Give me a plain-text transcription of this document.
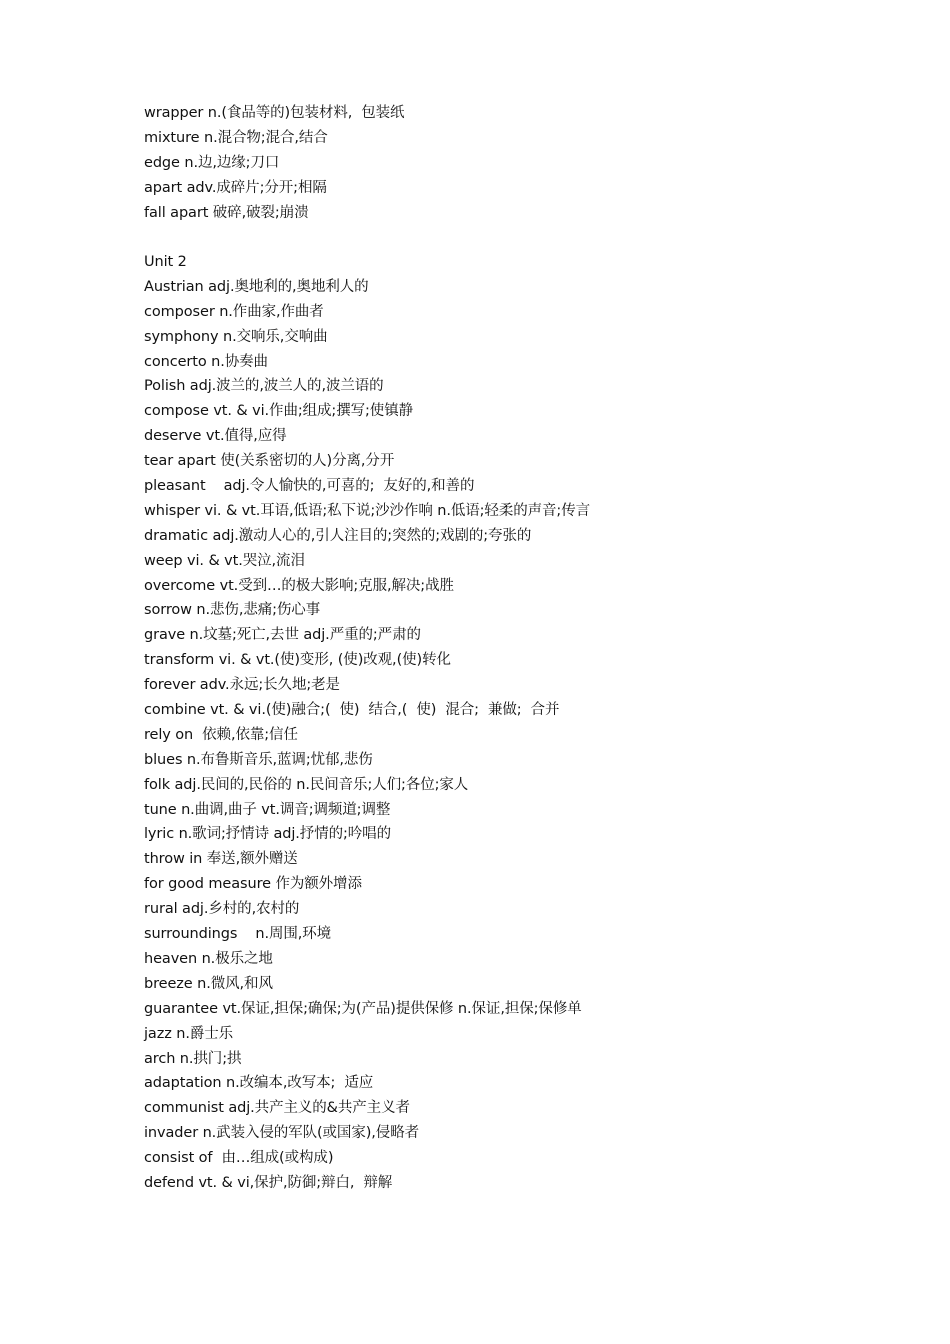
wrapper n.(食品等的)包装材料,  包装纸
mixture n.混合物;混合,结合
edge n.边,边缘;刀口
apart adv.成碎片;分开;相隔
fall apart 破碎,破裂;崩溃
Unit 2
Austrian adj.奥地利的,奥地利人的
composer n.作曲家,作曲者
symphony n.交响乐,交响曲
concerto n.协奏曲
Polish adj.波兰的,波兰人的,波兰语的
compose vt. & vi.作曲;组成;撰写;使镇静
deserve vt.值得,应得
tear apart 使(关系密切的人)分离,分开
pleasant    adj.令人愉快的,可喜的;  友好的,和善的
whisper vi. & vt.耳语,低语;私下说;沙沙作响 n.低语;轻柔的声音;传言
dramatic adj.激动人心的,引人注目的;突然的;戏剧的;夸张的
weep vi. & vt.哭泣,流泪
overcome vt.受到…的极大影响;克服,解决;战胜
sorrow n.悲伤,悲痛;伤心事
grave n.坟墓;死亡,去世 adj.严重的;严肃的
transform vi. & vt.(使)变形, (使)改观,(使)转化
forever adv.永远;长久地;老是
combine vt. & vi.(使)融合;(  使)  结合,(  使)  混合;  兼做;  合并
rely on  依赖,依靠;信任
blues n.布鲁斯音乐,蓝调;忧郁,悲伤
folk adj.民间的,民俗的 n.民间音乐;人们;各位;家人
tune n.曲调,曲子 vt.调音;调频道;调整
lyric n.歌词;抒情诗 adj.抒情的;吟唱的
throw in 奉送,额外赠送
for good measure 作为额外增添
rural adj.乡村的,农村的
surroundings    n.周围,环境
heaven n.极乐之地
breeze n.微风,和风
guarantee vt.保证,担保;确保;为(产品)提供保修 n.保证,担保;保修单
jazz n.爵士乐
arch n.拱门;拱
adaptation n.改编本,改写本;  适应
communist adj.共产主义的&共产主义者
invader n.武装入侵的军队(或国家),侵略者
consist of  由…组成(或构成)
defend vt. & vi,保护,防御;辩白,  辩解
